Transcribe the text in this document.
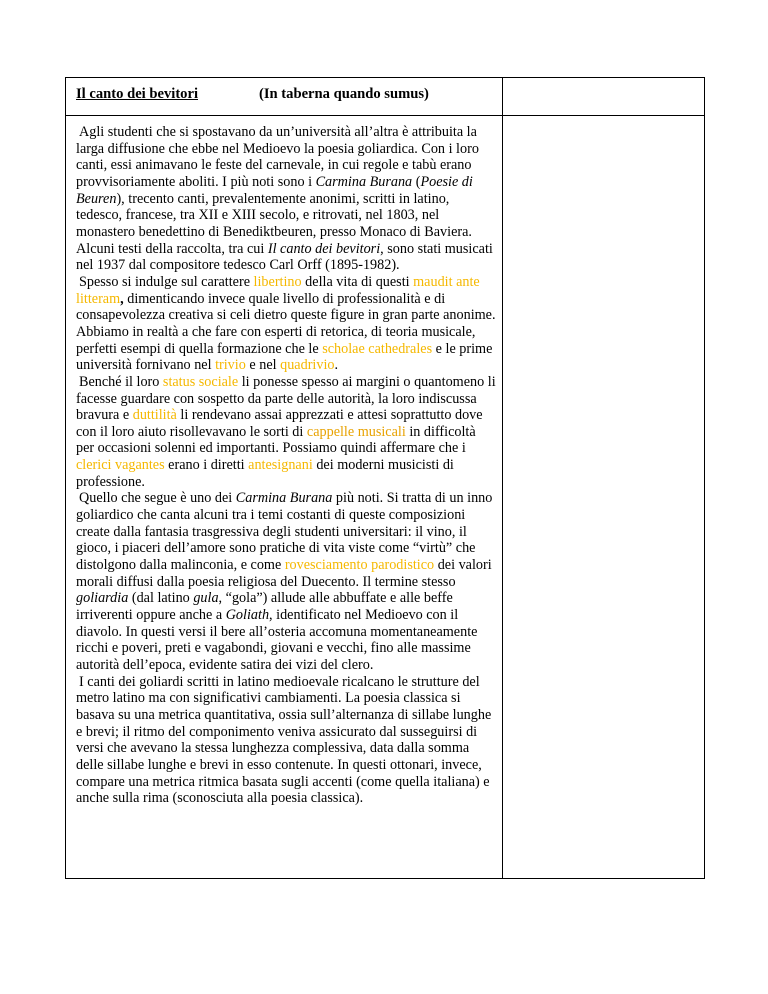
Il canto dei bevitori	(In taberna quando sumus)

Agli studenti che si spostavano da un’università all’altra è attribuita la larga diffusione che ebbe nel Medioevo la poesia goliardica. Con i loro canti, essi animavano le feste del carnevale, in cui regole e tabù erano provvisoriamente aboliti. I più noti sono i Carmina Burana (Poesie di Beuren), trecento canti, prevalentemente anonimi, scritti in latino, tedesco, francese, tra XII e XIII secolo, e ritrovati, nel 1803, nel monastero benedettino di Benediktbeuren, presso Monaco di Baviera. Alcuni testi della raccolta, tra cui Il canto dei bevitori, sono stati musicati nel 1937 dal compositore tedesco Carl Orff (1895-1982).

Spesso si indulge sul carattere libertino della vita di questi maudit ante litteram, dimenticando invece quale livello di professionalità e di consapevolezza creativa si celi dietro queste figure in gran parte anonime. Abbiamo in realtà a che fare con esperti di retorica, di teoria musicale, perfetti esempi di quella formazione che le scholae cathedrales e le prime università fornivano nel trivio e nel quadrivio.

Benché il loro status sociale li ponesse spesso ai margini o quantomeno li facesse guardare con sospetto da parte delle autorità, la loro indiscussa bravura e duttilità li rendevano assai apprezzati e attesi soprattutto dove con il loro aiuto risollevavano le sorti di cappelle musicali in difficoltà per occasioni solenni ed importanti. Possiamo quindi affermare che i clerici vagantes erano i diretti antesignani dei moderni musicisti di professione.

Quello che segue è uno dei Carmina Burana più noti. Si tratta di un inno goliardico che canta alcuni tra i temi costanti di queste composizioni create dalla fantasia trasgressiva degli studenti universitari: il vino, il gioco, i piaceri dell’amore sono pratiche di vita viste come “virtù” che distolgono dalla malinconia, e come rovesciamento parodistico dei valori morali diffusi dalla poesia religiosa del Duecento. Il termine stesso goliardia (dal latino gula, “gola”) allude alle abbuffate e alle beffe irriverenti oppure anche a Goliath, identificato nel Medioevo con il diavolo. In questi versi il bere all’osteria accomuna momentaneamente ricchi e poveri, preti e vagabondi, giovani e vecchi, fino alle massime autorità dell’epoca, evidente satira dei vizi del clero.

I canti dei goliardi scritti in latino medioevale ricalcano le strutture del metro latino ma con significativi cambiamenti. La poesia classica si basava su una metrica quantitativa, ossia sull’alternanza di sillabe lunghe e brevi; il ritmo del componimento veniva assicurato dal susseguirsi di versi che avevano la stessa lunghezza complessiva, data dalla somma delle sillabe lunghe e brevi in esso contenute. In questi ottonari, invece, compare una metrica ritmica basata sugli accenti (come quella italiana) e anche sulla rima (sconosciuta alla poesia classica).
